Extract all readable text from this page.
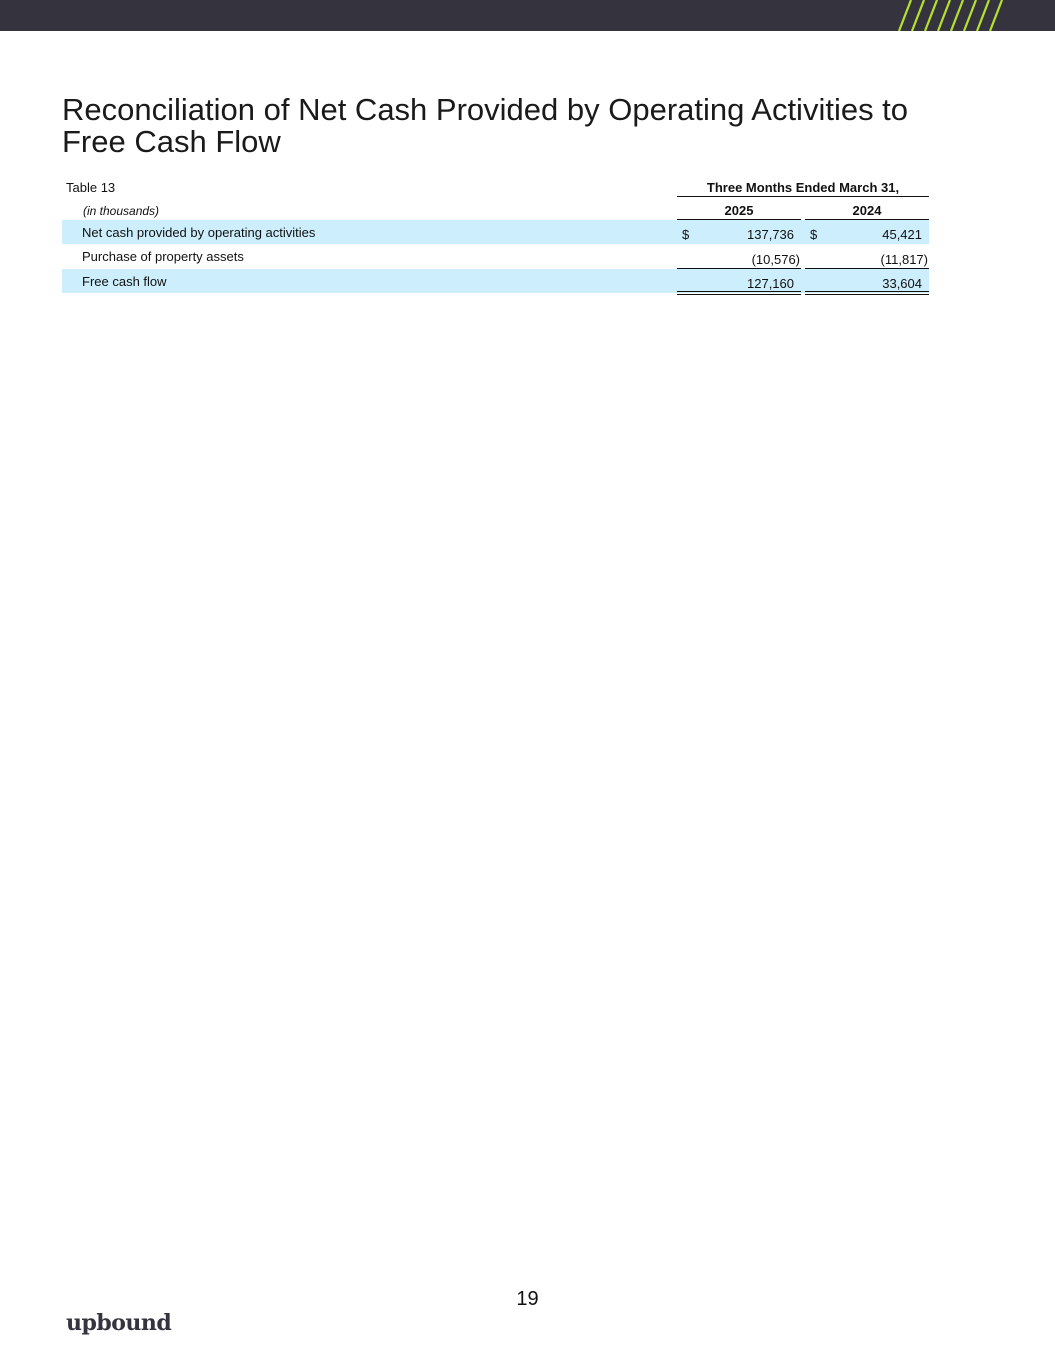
Reconciliation of Net Cash Provided by Operating Activities to Free Cash Flow
Table 13	Three Months Ended March 31,
(in thousands)	2025	2024
Net cash provided by operating activities	$	137,736 $	45,421
Purchase of property assets	(10,576)	(11,817)
Free cash flow	127,160	33,604
19
upbound
